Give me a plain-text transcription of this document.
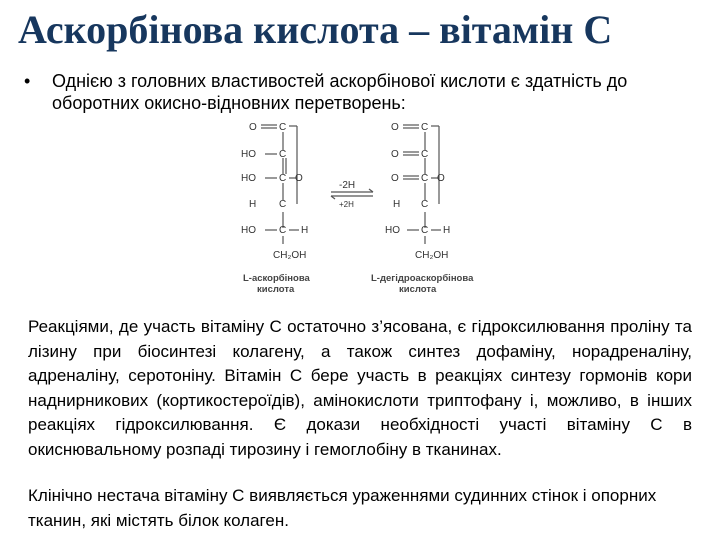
Аскорбінова кислота – вітамін С
•	Однією з головних властивостей аскорбінової кислоти є здатність до оборотних окисно-відновних перетворень:
O C
HO C
HO C O
H C
HO C H
CH₂OH
L-аскорбінова
кислота
-2H
+2H
O C
O C
O C O
H C
HO C H
CH₂OH
L-дегідроаскорбінова
кислота
Реакціями, де участь вітаміну С остаточно з’ясована, є гідроксилювання проліну та лізину при біосинтезі колагену, а також синтез дофаміну, норадреналіну, адреналіну, серотоніну. Вітамін С бере участь в реакціях синтезу гормонів кори наднирникових (кортикостероїдів), амінокислоти триптофану і, можливо, в інших реакціях гідроксилювання. Є докази необхідності участі вітаміну С в окиснювальному розпаді тирозину і гемоглобіну в тканинах.
Клінічно нестача вітаміну С виявляється ураженнями судинних стінок і опорних тканин, які містять білок колаген.
